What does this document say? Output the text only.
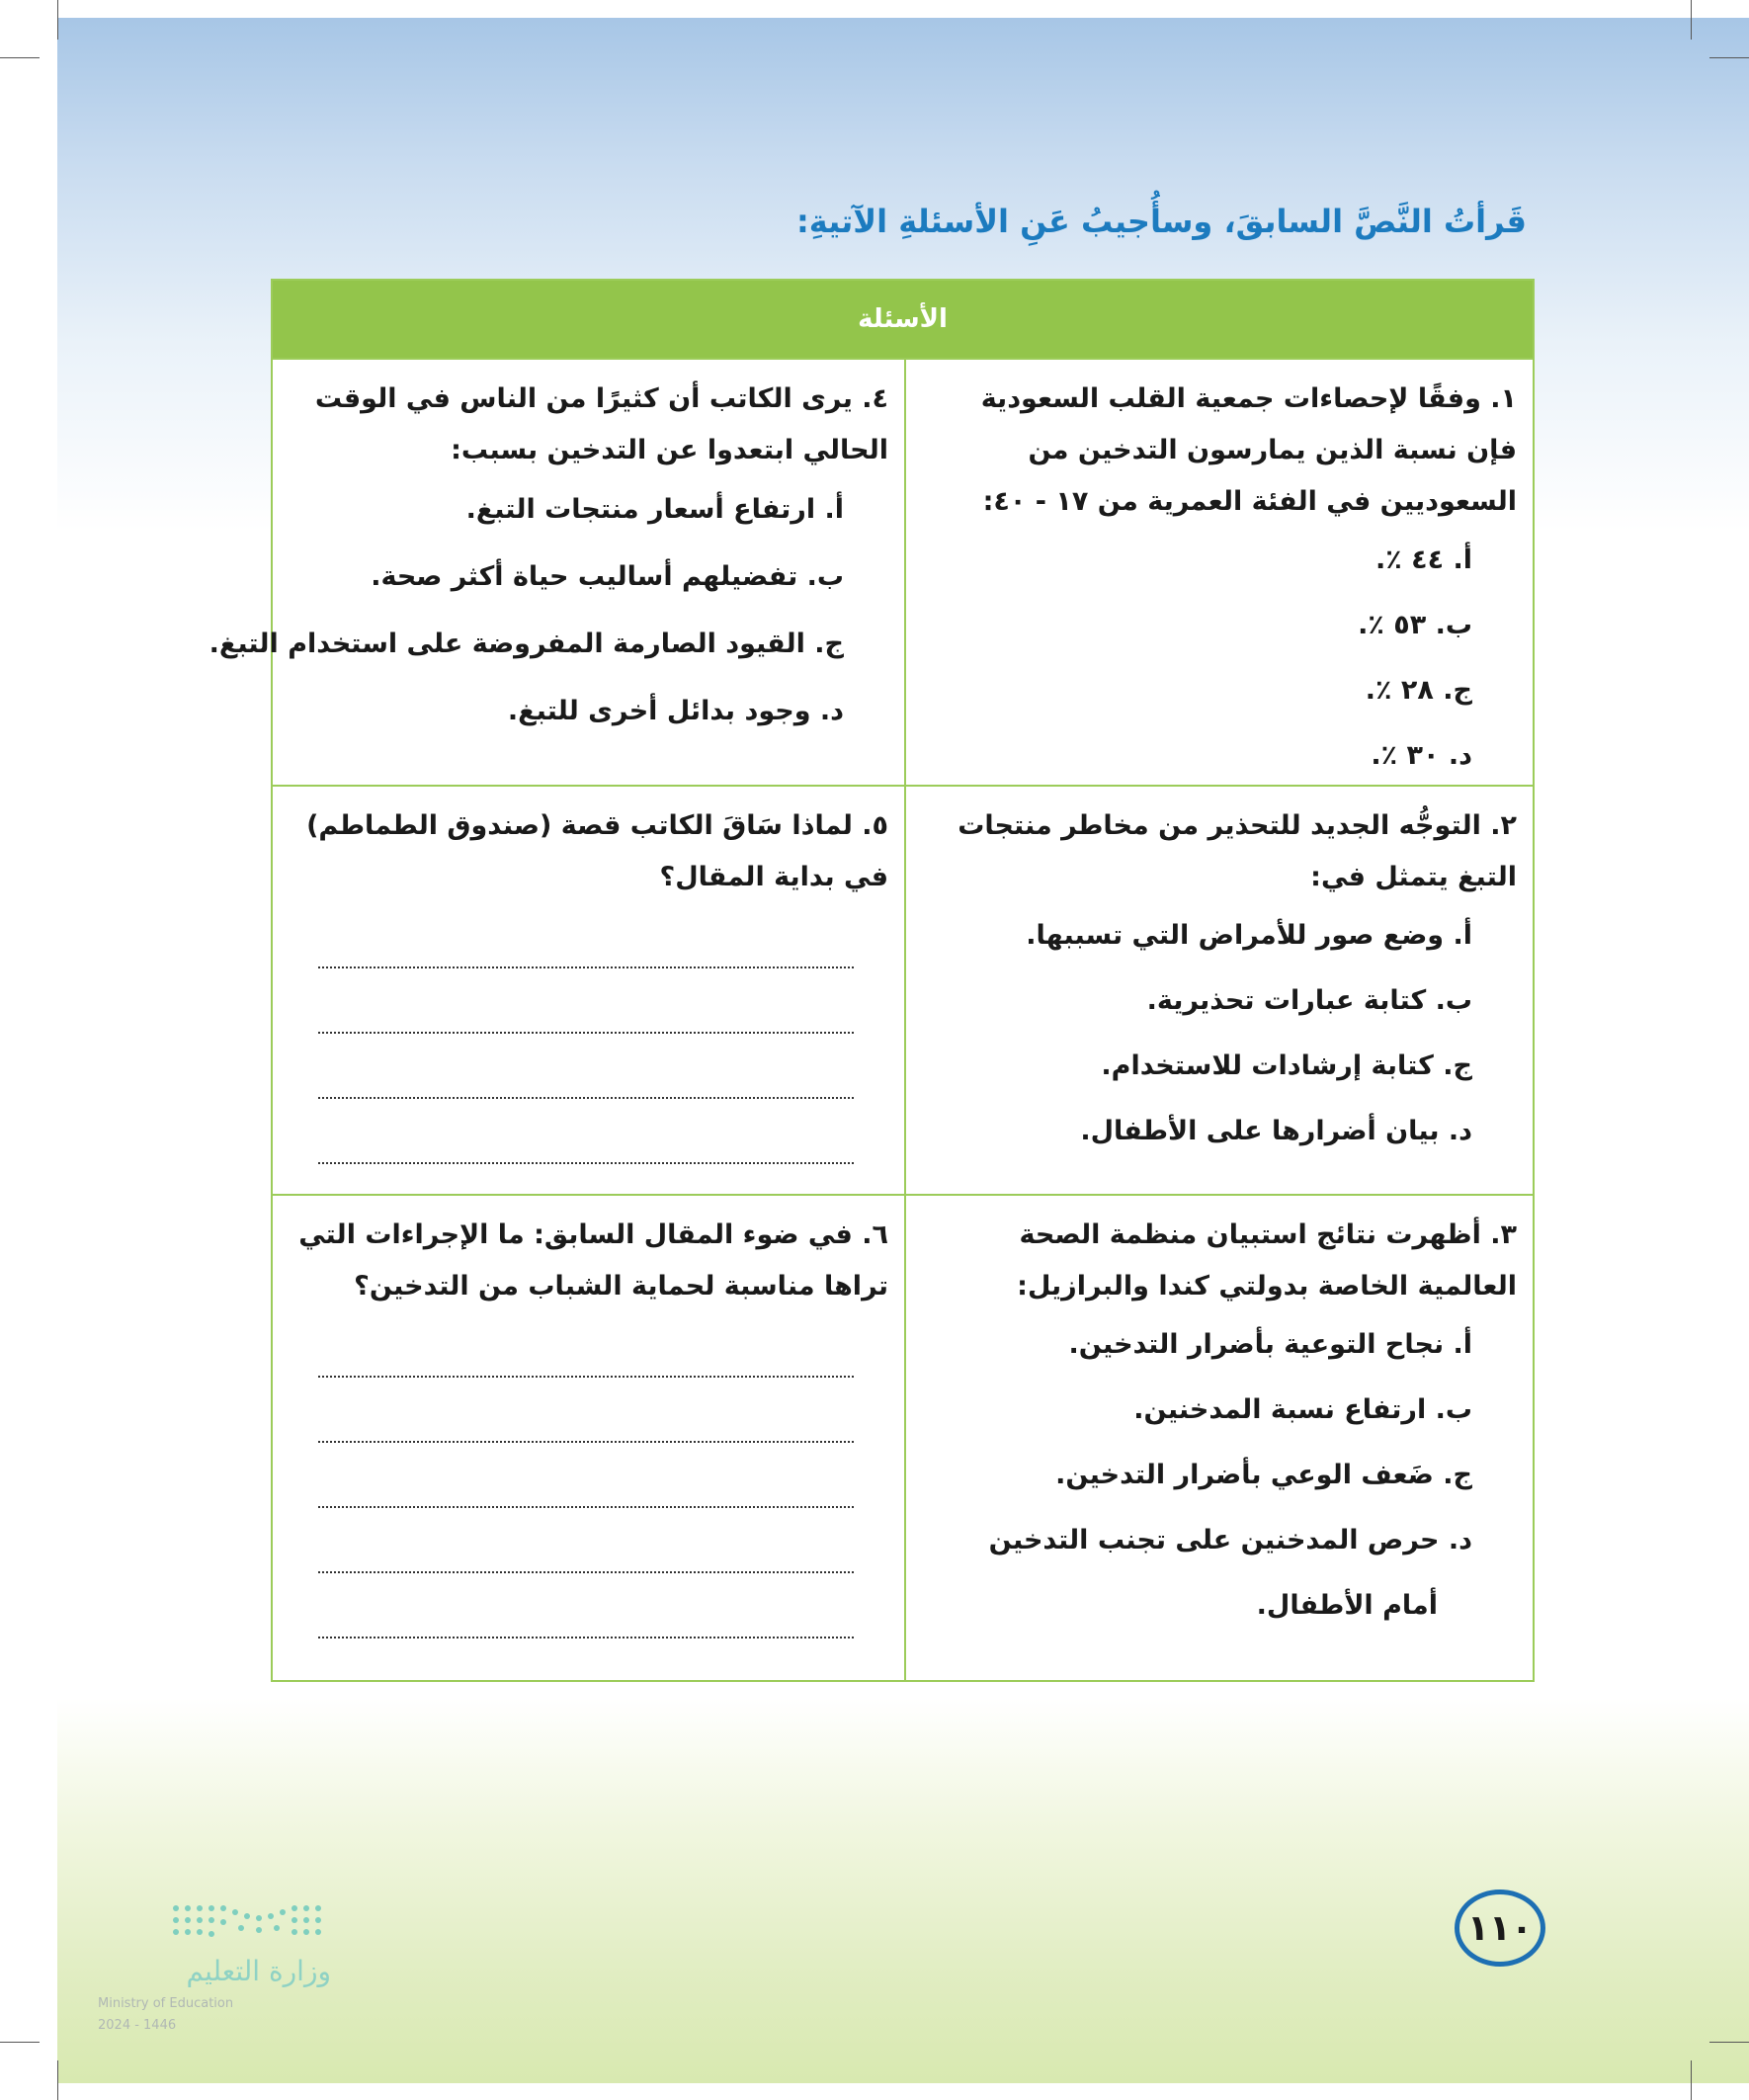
قَرأتُ النَّصَّ السابقَ، وسأُجيبُ عَنِ الأسئلةِ الآتيةِ:
الأسئلة
١. وفقًا لإحصاءات جمعية القلب السعودية فإن نسبة الذين يمارسون التدخين من السعوديين في الفئة العمرية من ١٧ - ٤٠:
أ. ٤٤ ٪.
ب. ٥٣ ٪.
ج. ٢٨ ٪.
د. ٣٠ ٪.
٤. يرى الكاتب أن كثيرًا من الناس في الوقت الحالي ابتعدوا عن التدخين بسبب:
أ. ارتفاع أسعار منتجات التبغ.
ب. تفضيلهم أساليب حياة أكثر صحة.
ج. القيود الصارمة المفروضة على استخدام التبغ.
د. وجود بدائل أخرى للتبغ.
٢. التوجُّه الجديد للتحذير من مخاطر منتجات التبغ يتمثل في:
أ. وضع صور للأمراض التي تسببها.
ب. كتابة عبارات تحذيرية.
ج. كتابة إرشادات للاستخدام.
د. بيان أضرارها على الأطفال.
٥. لماذا سَاقَ الكاتب قصة (صندوق الطماطم) في بداية المقال؟
٣. أظهرت نتائج استبيان منظمة الصحة العالمية الخاصة بدولتي كندا والبرازيل:
أ. نجاح التوعية بأضرار التدخين.
ب. ارتفاع نسبة المدخنين.
ج. ضَعف الوعي بأضرار التدخين.
د. حرص المدخنين على تجنب التدخين
أمام الأطفال.
٦. في ضوء المقال السابق: ما الإجراءات التي تراها مناسبة لحماية الشباب من التدخين؟
١١٠
وزارة التعليم
Ministry of Education
2024 - 1446
